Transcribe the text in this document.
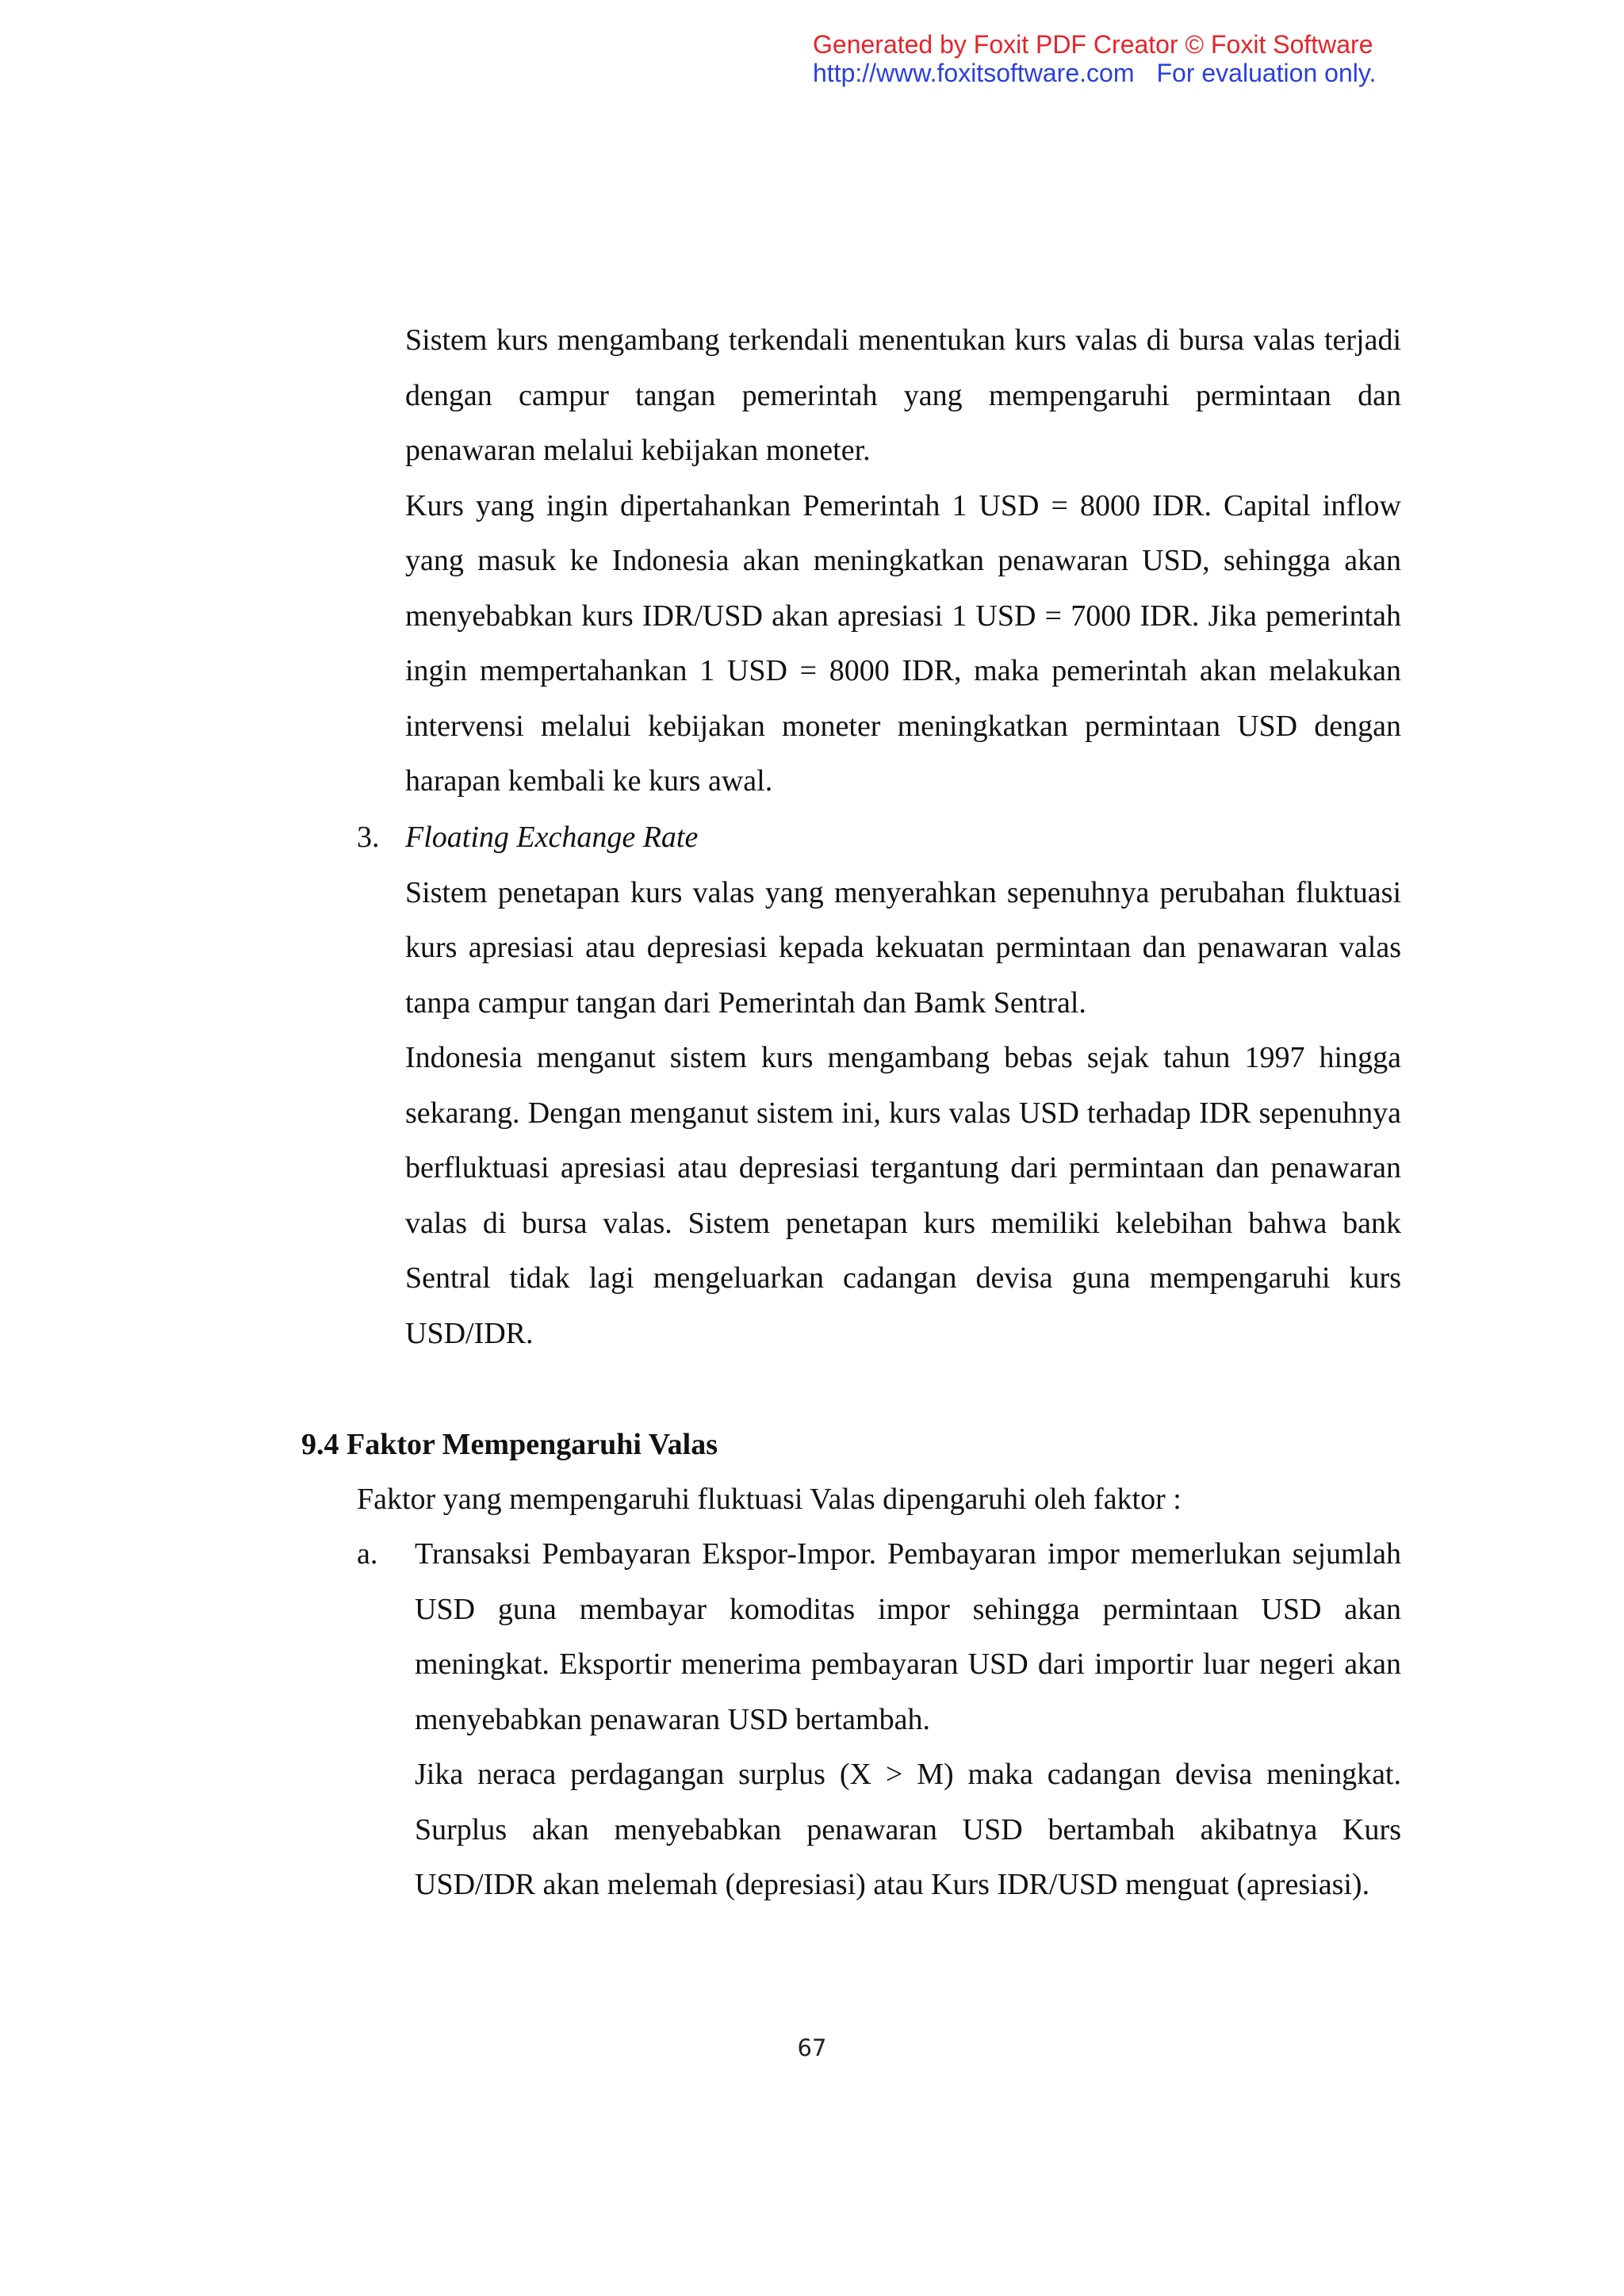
Generated by Foxit PDF Creator © Foxit Software
http://www.foxitsoftware.com For evaluation only.

Sistem kurs mengambang terkendali menentukan kurs valas di bursa valas terjadi dengan campur tangan pemerintah yang mempengaruhi permintaan dan penawaran melalui kebijakan moneter.

Kurs yang ingin dipertahankan Pemerintah 1 USD = 8000 IDR. Capital inflow yang masuk ke Indonesia akan meningkatkan penawaran USD, sehingga akan menyebabkan kurs IDR/USD akan apresiasi 1 USD = 7000 IDR. Jika pemerintah ingin mempertahankan 1 USD = 8000 IDR, maka pemerintah akan melakukan intervensi melalui kebijakan moneter meningkatkan permintaan USD dengan harapan kembali ke kurs awal.

3. Floating Exchange Rate

Sistem penetapan kurs valas yang menyerahkan sepenuhnya perubahan fluktuasi kurs apresiasi atau depresiasi kepada kekuatan permintaan dan penawaran valas tanpa campur tangan dari Pemerintah dan Bamk Sentral.

Indonesia menganut sistem kurs mengambang bebas sejak tahun 1997 hingga sekarang. Dengan menganut sistem ini, kurs valas USD terhadap IDR sepenuhnya berfluktuasi apresiasi atau depresiasi tergantung dari permintaan dan penawaran valas di bursa valas. Sistem penetapan kurs memiliki kelebihan bahwa bank Sentral tidak lagi mengeluarkan cadangan devisa guna mempengaruhi kurs USD/IDR.

9.4 Faktor Mempengaruhi Valas
Faktor yang mempengaruhi fluktuasi Valas dipengaruhi oleh faktor :
a. Transaksi Pembayaran Ekspor-Impor. Pembayaran impor memerlukan sejumlah USD guna membayar komoditas impor sehingga permintaan USD akan meningkat. Eksportir menerima pembayaran USD dari importir luar negeri akan menyebabkan penawaran USD bertambah.

Jika neraca perdagangan surplus (X > M) maka cadangan devisa meningkat. Surplus akan menyebabkan penawaran USD bertambah akibatnya Kurs USD/IDR akan melemah (depresiasi) atau Kurs IDR/USD menguat (apresiasi).

67
